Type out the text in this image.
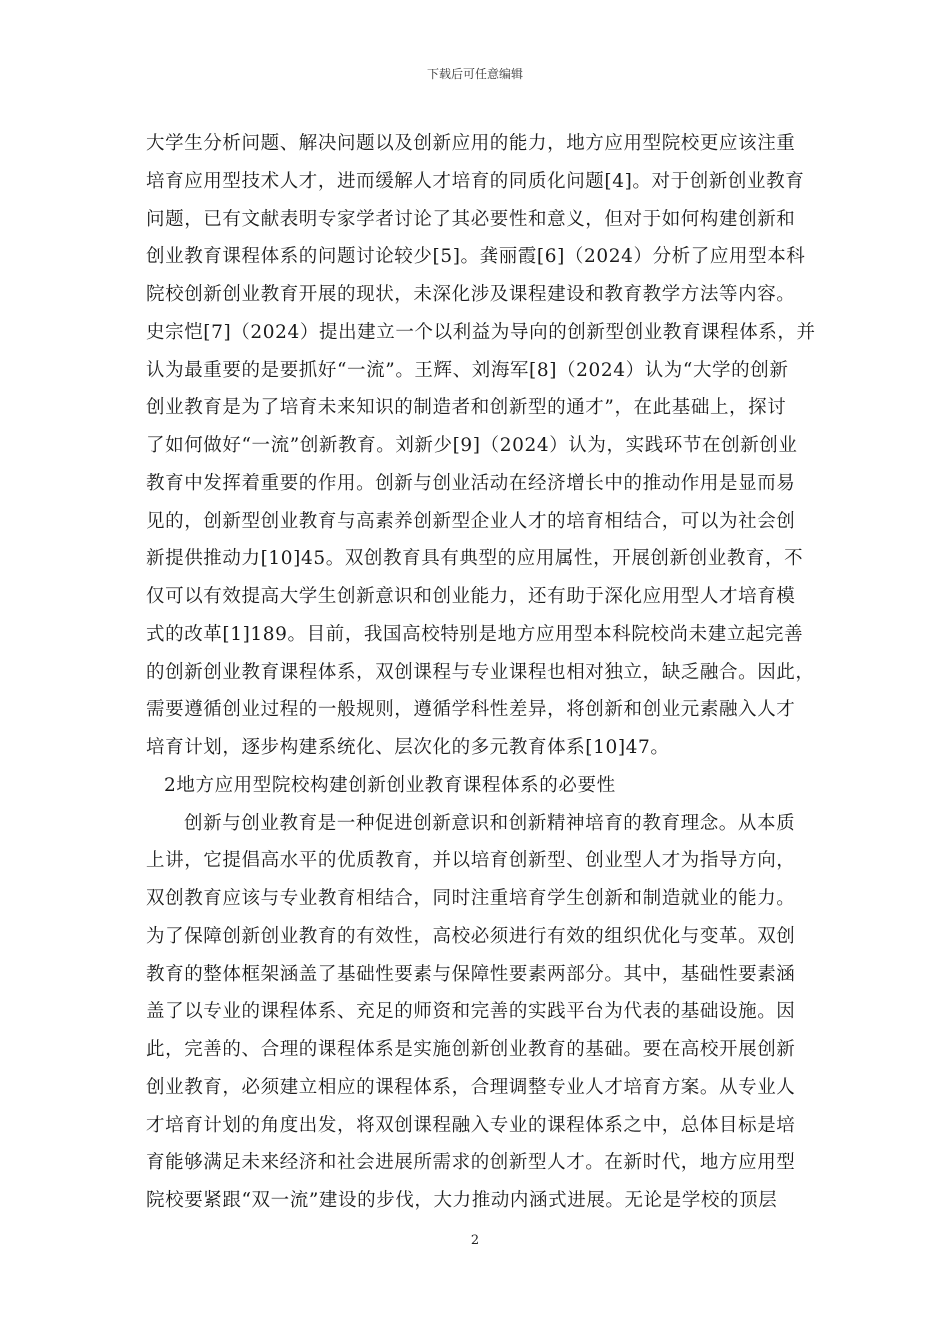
下载后可任意编辑
大学生分析问题、解决问题以及创新应用的能力，地方应用型院校更应该注重
培育应用型技术人才，进而缓解人才培育的同质化问题[4]。对于创新创业教育
问题，已有文献表明专家学者讨论了其必要性和意义，但对于如何构建创新和
创业教育课程体系的问题讨论较少[5]。龚丽霞[6]（2024）分析了应用型本科
院校创新创业教育开展的现状，未深化涉及课程建设和教育教学方法等内容。
史宗恺[7]（2024）提出建立一个以利益为导向的创新型创业教育课程体系，并
认为最重要的是要抓好“一流”。王辉、刘海军[8]（2024）认为“大学的创新
创业教育是为了培育未来知识的制造者和创新型的通才”，在此基础上，探讨
了如何做好“一流”创新教育。刘新少[9]（2024）认为，实践环节在创新创业
教育中发挥着重要的作用。创新与创业活动在经济增长中的推动作用是显而易
见的，创新型创业教育与高素养创新型企业人才的培育相结合，可以为社会创
新提供推动力[10]45。双创教育具有典型的应用属性，开展创新创业教育，不
仅可以有效提高大学生创新意识和创业能力，还有助于深化应用型人才培育模
式的改革[1]189。目前，我国高校特别是地方应用型本科院校尚未建立起完善
的创新创业教育课程体系，双创课程与专业课程也相对独立，缺乏融合。因此，
需要遵循创业过程的一般规则，遵循学科性差异，将创新和创业元素融入人才
培育计划，逐步构建系统化、层次化的多元教育体系[10]47。
2地方应用型院校构建创新创业教育课程体系的必要性
创新与创业教育是一种促进创新意识和创新精神培育的教育理念。从本质
上讲，它提倡高水平的优质教育，并以培育创新型、创业型人才为指导方向，
双创教育应该与专业教育相结合，同时注重培育学生创新和制造就业的能力。
为了保障创新创业教育的有效性，高校必须进行有效的组织优化与变革。双创
教育的整体框架涵盖了基础性要素与保障性要素两部分。其中，基础性要素涵
盖了以专业的课程体系、充足的师资和完善的实践平台为代表的基础设施。因
此，完善的、合理的课程体系是实施创新创业教育的基础。要在高校开展创新
创业教育，必须建立相应的课程体系，合理调整专业人才培育方案。从专业人
才培育计划的角度出发，将双创课程融入专业的课程体系之中，总体目标是培
育能够满足未来经济和社会进展所需求的创新型人才。在新时代，地方应用型
院校要紧跟“双一流”建设的步伐，大力推动内涵式进展。无论是学校的顶层
2
